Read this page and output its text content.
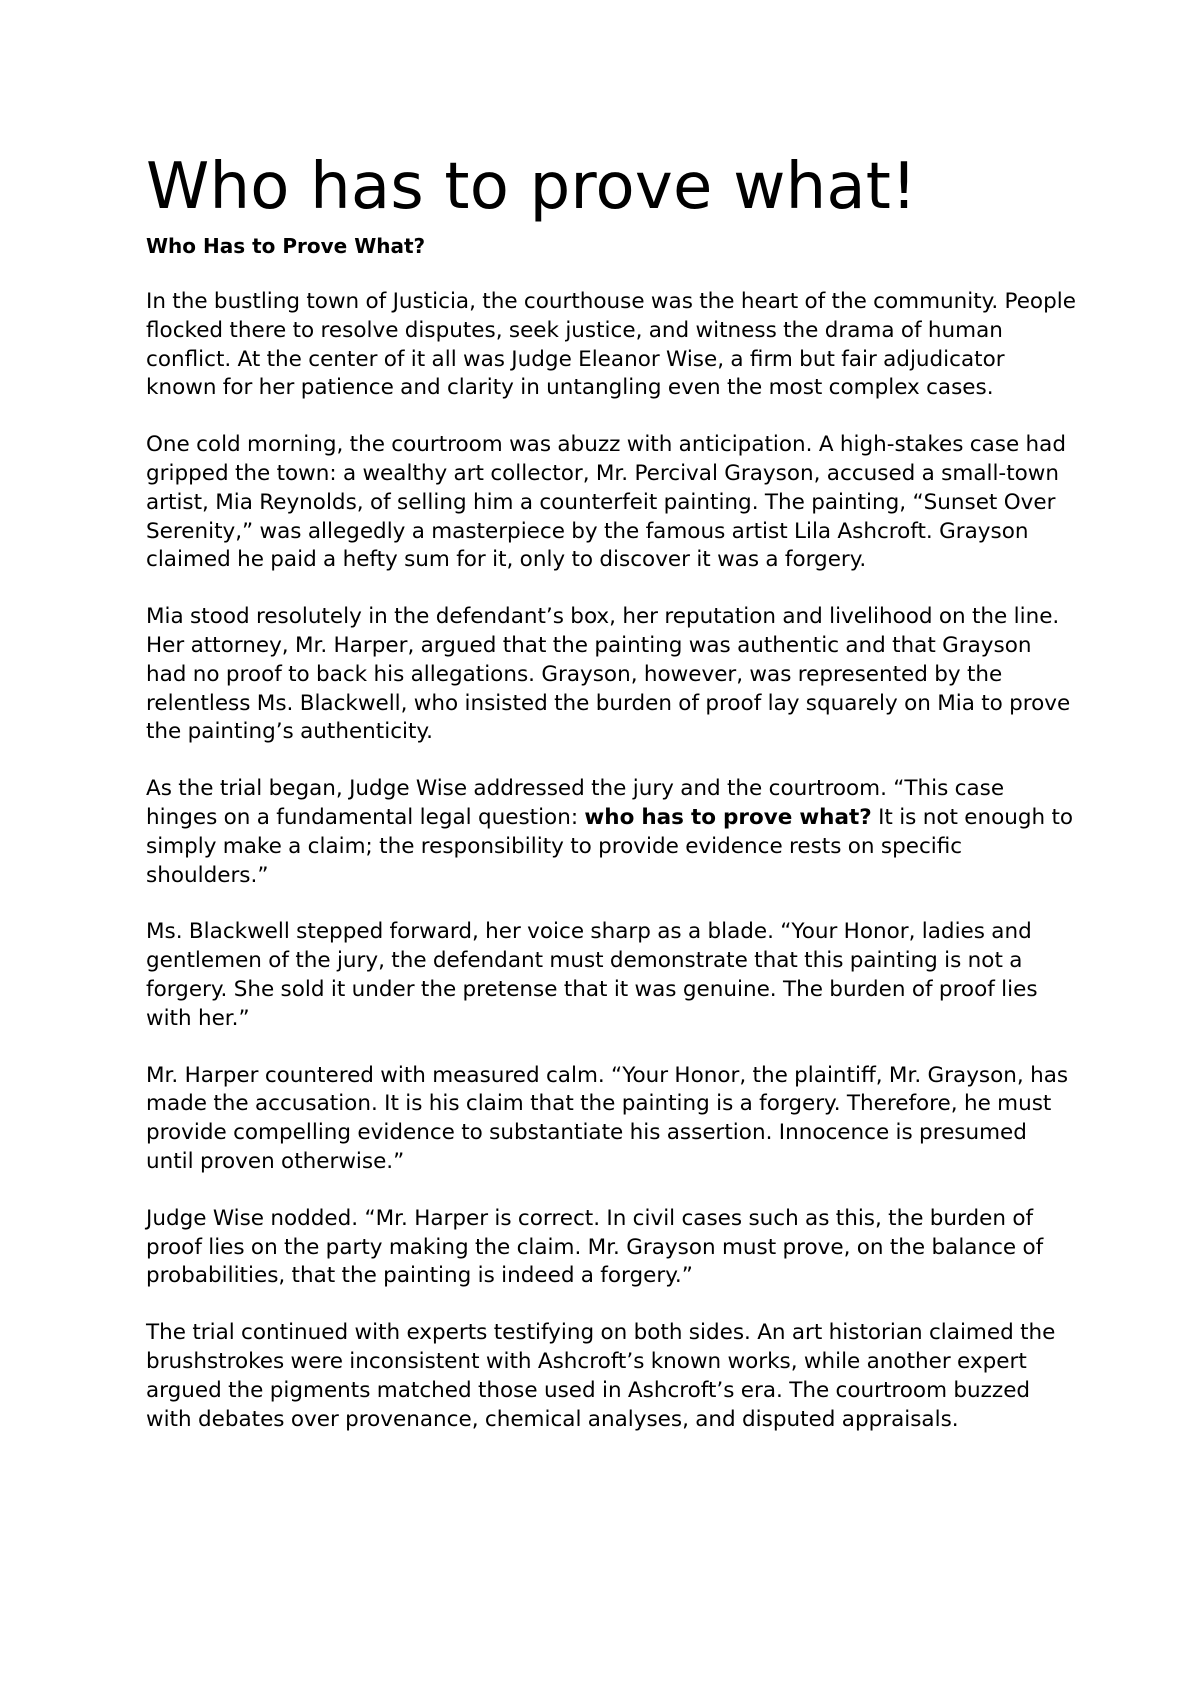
Who has to prove what!
Who Has to Prove What?

In the bustling town of Justicia, the courthouse was the heart of the community. People flocked there to resolve disputes, seek justice, and witness the drama of human conflict. At the center of it all was Judge Eleanor Wise, a firm but fair adjudicator known for her patience and clarity in untangling even the most complex cases.

One cold morning, the courtroom was abuzz with anticipation. A high-stakes case had gripped the town: a wealthy art collector, Mr. Percival Grayson, accused a small-town artist, Mia Reynolds, of selling him a counterfeit painting. The painting, “Sunset Over Serenity,” was allegedly a masterpiece by the famous artist Lila Ashcroft. Grayson claimed he paid a hefty sum for it, only to discover it was a forgery.

Mia stood resolutely in the defendant’s box, her reputation and livelihood on the line. Her attorney, Mr. Harper, argued that the painting was authentic and that Grayson had no proof to back his allegations. Grayson, however, was represented by the relentless Ms. Blackwell, who insisted the burden of proof lay squarely on Mia to prove the painting’s authenticity.

As the trial began, Judge Wise addressed the jury and the courtroom. “This case hinges on a fundamental legal question: who has to prove what? It is not enough to simply make a claim; the responsibility to provide evidence rests on specific shoulders.”

Ms. Blackwell stepped forward, her voice sharp as a blade. “Your Honor, ladies and gentlemen of the jury, the defendant must demonstrate that this painting is not a forgery. She sold it under the pretense that it was genuine. The burden of proof lies with her.”

Mr. Harper countered with measured calm. “Your Honor, the plaintiff, Mr. Grayson, has made the accusation. It is his claim that the painting is a forgery. Therefore, he must provide compelling evidence to substantiate his assertion. Innocence is presumed until proven otherwise.”

Judge Wise nodded. “Mr. Harper is correct. In civil cases such as this, the burden of proof lies on the party making the claim. Mr. Grayson must prove, on the balance of probabilities, that the painting is indeed a forgery.”

The trial continued with experts testifying on both sides. An art historian claimed the brushstrokes were inconsistent with Ashcroft’s known works, while another expert argued the pigments matched those used in Ashcroft’s era. The courtroom buzzed with debates over provenance, chemical analyses, and disputed appraisals.
